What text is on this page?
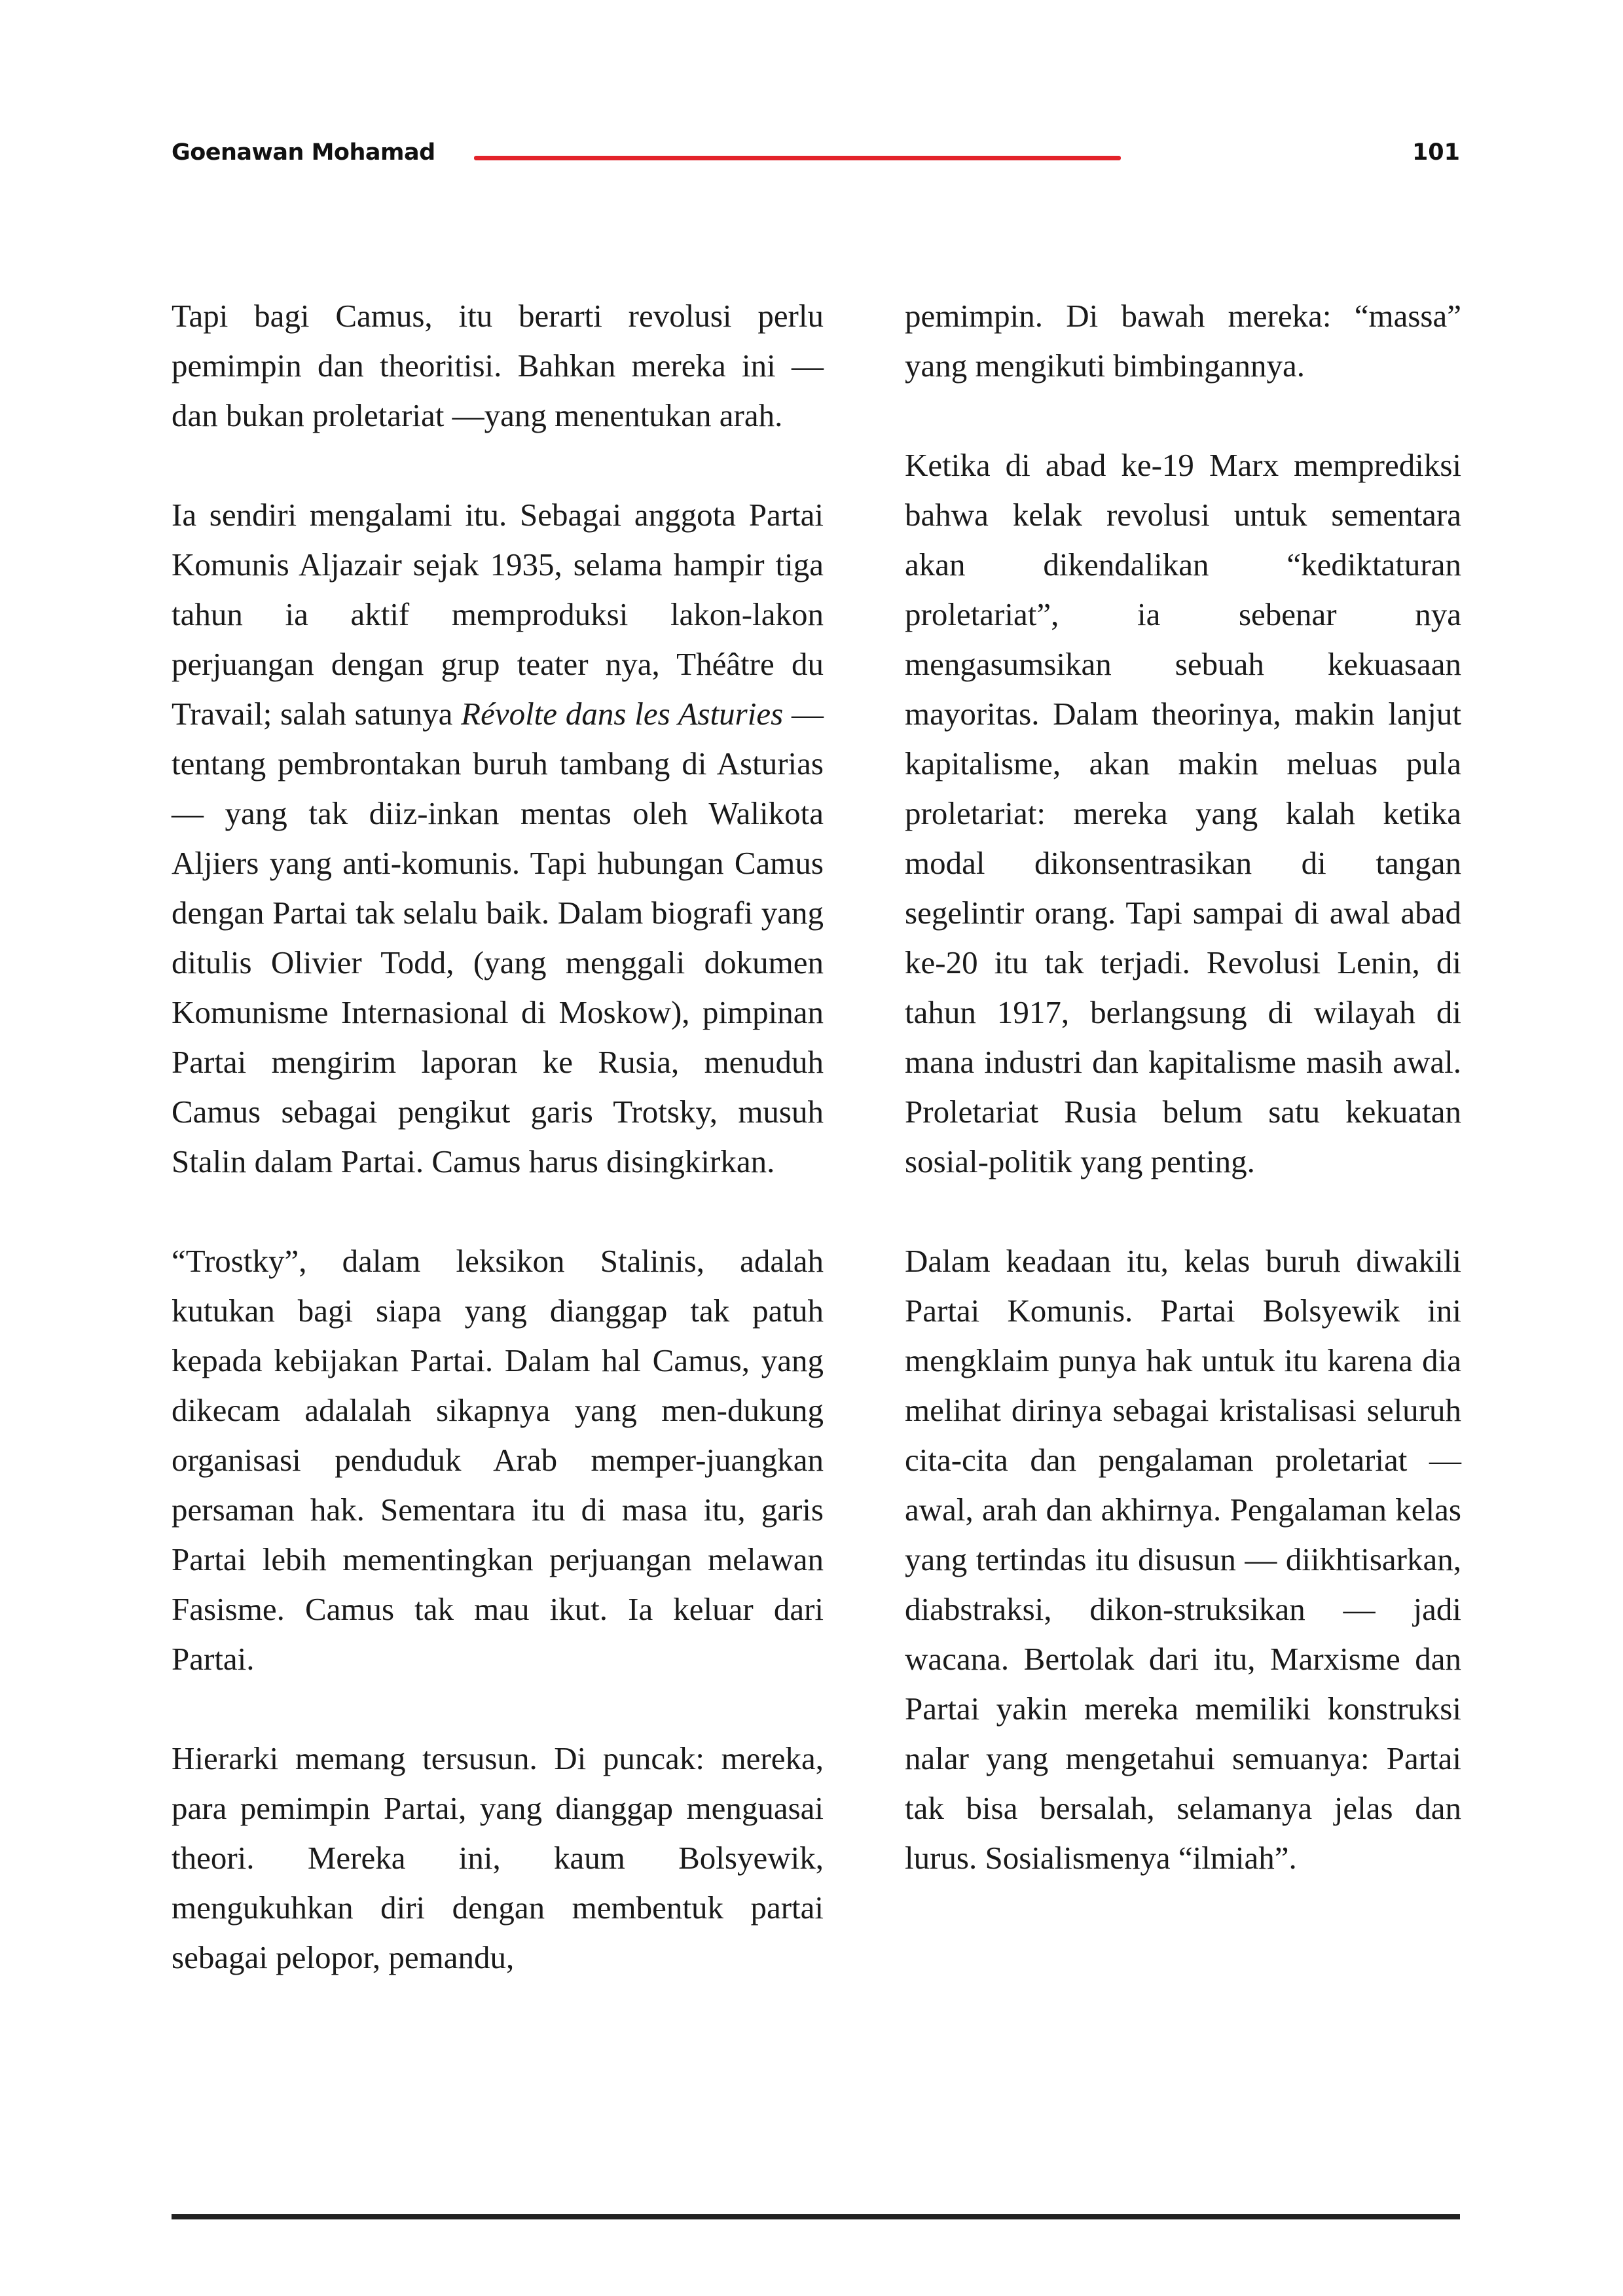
Goenawan Mohamad	101

Tapi bagi Camus, itu berarti revolusi perlu pemimpin dan theoritisi. Bahkan mereka ini — dan bukan proletariat —yang menentukan arah.

Ia sendiri mengalami itu. Sebagai anggota Partai Komunis Aljazair sejak 1935, selama hampir tiga tahun ia aktif memproduksi lakon-lakon perjuangan dengan grup teater nya, Théâtre du Travail; salah satunya Révolte dans les Asturies —tentang pembrontakan buruh tambang di Asturias — yang tak diiz-inkan mentas oleh Walikota Aljiers yang anti-komunis. Tapi hubungan Camus dengan Partai tak selalu baik. Dalam biografi yang ditulis Olivier Todd, (yang menggali dokumen Komunisme Internasional di Moskow), pimpinan Partai mengirim laporan ke Rusia, menuduh Camus sebagai pengikut garis Trotsky, musuh Stalin dalam Partai. Camus harus disingkirkan.

“Trostky”, dalam leksikon Stalinis, adalah kutukan bagi siapa yang dianggap tak patuh kepada kebijakan Partai. Dalam hal Camus, yang dikecam adalalah sikapnya yang men-dukung organisasi penduduk Arab memper-juangkan persaman hak. Sementara itu di masa itu, garis Partai lebih mementingkan perjuangan melawan Fasisme. Camus tak mau ikut. Ia keluar dari Partai.

Hierarki memang tersusun. Di puncak: mereka, para pemimpin Partai, yang dianggap menguasai theori. Mereka ini, kaum Bolsyewik, mengukuhkan diri dengan membentuk partai sebagai pelopor, pemandu,

pemimpin. Di bawah mereka: “massa” yang mengikuti bimbingannya.

Ketika di abad ke-19 Marx memprediksi bahwa kelak revolusi untuk sementara akan dikendalikan “kediktaturan proletariat”, ia sebenar nya mengasumsikan sebuah kekuasaan mayoritas. Dalam theorinya, makin lanjut kapitalisme, akan makin meluas pula proletariat: mereka yang kalah ketika modal dikonsentrasikan di tangan segelintir orang. Tapi sampai di awal abad ke-20 itu tak terjadi. Revolusi Lenin, di tahun 1917, berlangsung di wilayah di mana industri dan kapitalisme masih awal. Proletariat Rusia belum satu kekuatan sosial-politik yang penting.

Dalam keadaan itu, kelas buruh diwakili Partai Komunis. Partai Bolsyewik ini mengklaim punya hak untuk itu karena dia melihat dirinya sebagai kristalisasi seluruh cita-cita dan pengalaman proletariat —awal, arah dan akhirnya. Pengalaman kelas yang tertindas itu disusun — diikhtisarkan, diabstraksi, dikon-struksikan — jadi wacana. Bertolak dari itu, Marxisme dan Partai yakin mereka memiliki konstruksi nalar yang mengetahui semuanya: Partai tak bisa bersalah, selamanya jelas dan lurus. Sosialismenya “ilmiah”.
